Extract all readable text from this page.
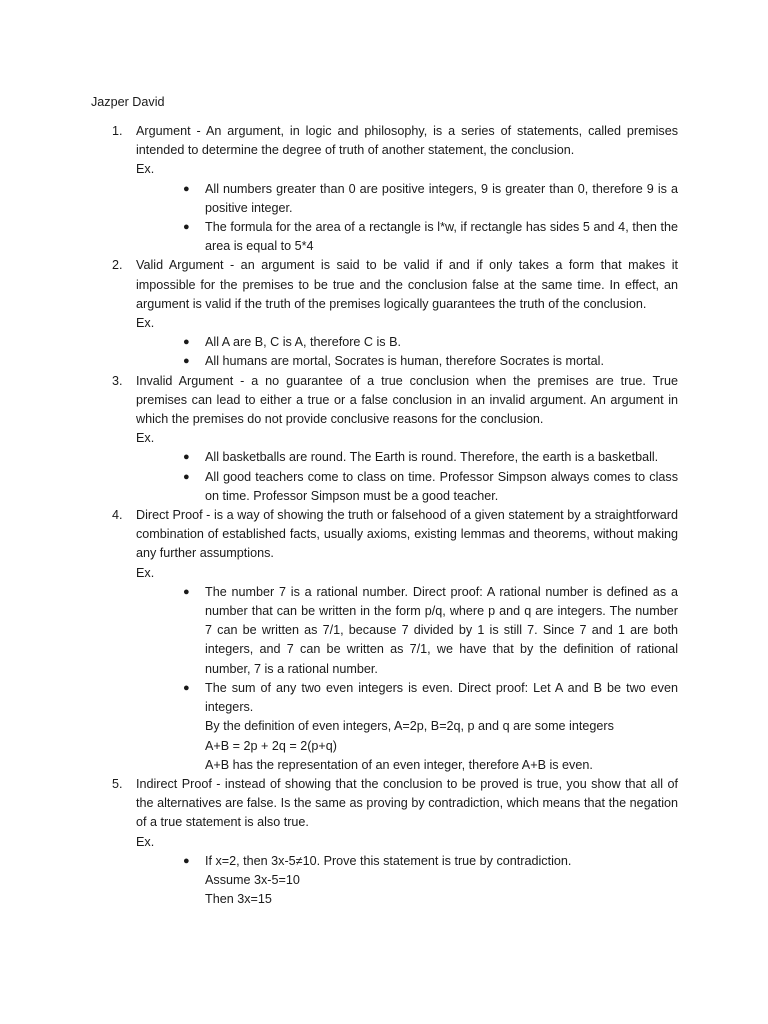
Jazper David
1. Argument - An argument, in logic and philosophy, is a series of statements, called premises intended to determine the degree of truth of another statement, the conclusion.
Ex.
● All numbers greater than 0 are positive integers, 9 is greater than 0, therefore 9 is a positive integer.
● The formula for the area of a rectangle is l*w, if rectangle has sides 5 and 4, then the area is equal to 5*4
2. Valid Argument - an argument is said to be valid if and if only takes a form that makes it impossible for the premises to be true and the conclusion false at the same time. In effect, an argument is valid if the truth of the premises logically guarantees the truth of the conclusion.
Ex.
● All A are B, C is A, therefore C is B.
● All humans are mortal, Socrates is human, therefore Socrates is mortal.
3. Invalid Argument - a no guarantee of a true conclusion when the premises are true. True premises can lead to either a true or a false conclusion in an invalid argument. An argument in which the premises do not provide conclusive reasons for the conclusion.
Ex.
● All basketballs are round. The Earth is round. Therefore, the earth is a basketball.
● All good teachers come to class on time. Professor Simpson always comes to class on time. Professor Simpson must be a good teacher.
4. Direct Proof - is a way of showing the truth or falsehood of a given statement by a straightforward combination of established facts, usually axioms, existing lemmas and theorems, without making any further assumptions.
Ex.
● The number 7 is a rational number. Direct proof: A rational number is defined as a number that can be written in the form p/q, where p and q are integers. The number 7 can be written as 7/1, because 7 divided by 1 is still 7. Since 7 and 1 are both integers, and 7 can be written as 7/1, we have that by the definition of rational number, 7 is a rational number.
● The sum of any two even integers is even. Direct proof: Let A and B be two even integers.
By the definition of even integers, A=2p, B=2q, p and q are some integers
A+B = 2p + 2q = 2(p+q)
A+B has the representation of an even integer, therefore A+B is even.
5. Indirect Proof - instead of showing that the conclusion to be proved is true, you show that all of the alternatives are false. Is the same as proving by contradiction, which means that the negation of a true statement is also true.
Ex.
● If x=2, then 3x-5≠10. Prove this statement is true by contradiction.
Assume 3x-5=10
Then 3x=15
